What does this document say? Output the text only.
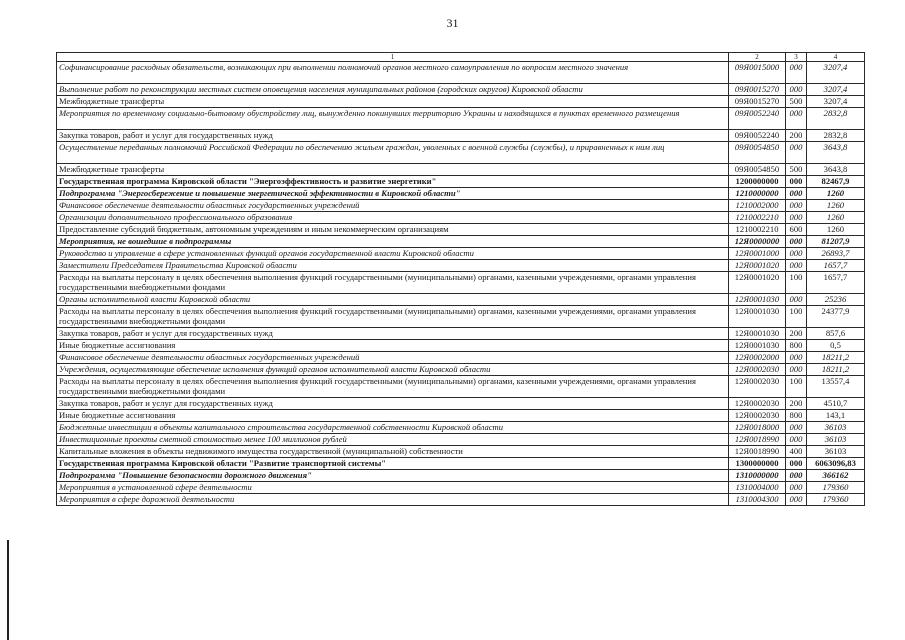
31
1	2	3	4
Софинансирование расходных обязательств, возникающих при выполнении полномочий органов местного самоуправления по вопросам местного значения	09Я0015000	000	3207,4
Выполнение работ по реконструкции местных систем оповещения населения муниципальных районов (городских округов) Кировской области	09Я0015270	000	3207,4
Межбюджетные трансферты	09Я0015270	500	3207,4
Мероприятия по временному социально-бытовому обустройству лиц, вынужденно покинувших территорию Украины и находящихся в пунктах временного размещения	09Я0052240	000	2832,8
Закупка товаров, работ и услуг для государственных нужд	09Я0052240	200	2832,8
Осуществление переданных полномочий Российской Федерации по обеспечению жильем граждан, уволенных с военной службы (службы), и приравненных к ним лиц	09Я0054850	000	3643,8
Межбюджетные трансферты	09Я0054850	500	3643,8
Государственная программа Кировской области "Энергоэффективность и развитие энергетики"	1200000000	000	82467,9
Подпрограмма "Энергосбережение и повышение энергетической эффективности в Кировской области"	1210000000	000	1260
Финансовое обеспечение деятельности областных государственных учреждений	1210002000	000	1260
Организации дополнительного профессионального образования	1210002210	000	1260
Предоставление субсидий бюджетным, автономным учреждениям и иным некоммерческим организациям	1210002210	600	1260
Мероприятия, не вошедшие в подпрограммы	12Я0000000	000	81207,9
Руководство и управление в сфере установленных функций органов государственной власти Кировской области	12Я0001000	000	26893,7
Заместители Председателя Правительства Кировской области	12Я0001020	000	1657,7
Расходы на выплаты персоналу в целях обеспечения выполнения функций государственными (муниципальными) органами, казенными учреждениями, органами управления государственными внебюджетными фондами	12Я0001020	100	1657,7
Органы исполнительной власти Кировской области	12Я0001030	000	25236
Расходы на выплаты персоналу в целях обеспечения выполнения функций государственными (муниципальными) органами, казенными учреждениями, органами управления государственными внебюджетными фондами	12Я0001030	100	24377,9
Закупка товаров, работ и услуг для государственных нужд	12Я0001030	200	857,6
Иные бюджетные ассигнования	12Я0001030	800	0,5
Финансовое обеспечение деятельности областных государственных учреждений	12Я0002000	000	18211,2
Учреждения, осуществляющие обеспечение исполнения функций органов исполнительной власти Кировской области	12Я0002030	000	18211,2
Расходы на выплаты персоналу в целях обеспечения выполнения функций государственными (муниципальными) органами, казенными учреждениями, органами управления государственными внебюджетными фондами	12Я0002030	100	13557,4
Закупка товаров, работ и услуг для государственных нужд	12Я0002030	200	4510,7
Иные бюджетные ассигнования	12Я0002030	800	143,1
Бюджетные инвестиции в объекты капитального строительства государственной собственности Кировской области	12Я0018000	000	36103
Инвестиционные проекты сметной стоимостью менее 100 миллионов рублей	12Я0018990	000	36103
Капитальные вложения в объекты недвижимого имущества государственной (муниципальной) собственности	12Я0018990	400	36103
Государственная программа Кировской области "Развитие транспортной системы"	1300000000	000	6063096,83
Подпрограмма "Повышение безопасности дорожного движения"	1310000000	000	366162
Мероприятия в установленной сфере деятельности	1310004000	000	179360
Мероприятия в сфере дорожной деятельности	1310004300	000	179360
